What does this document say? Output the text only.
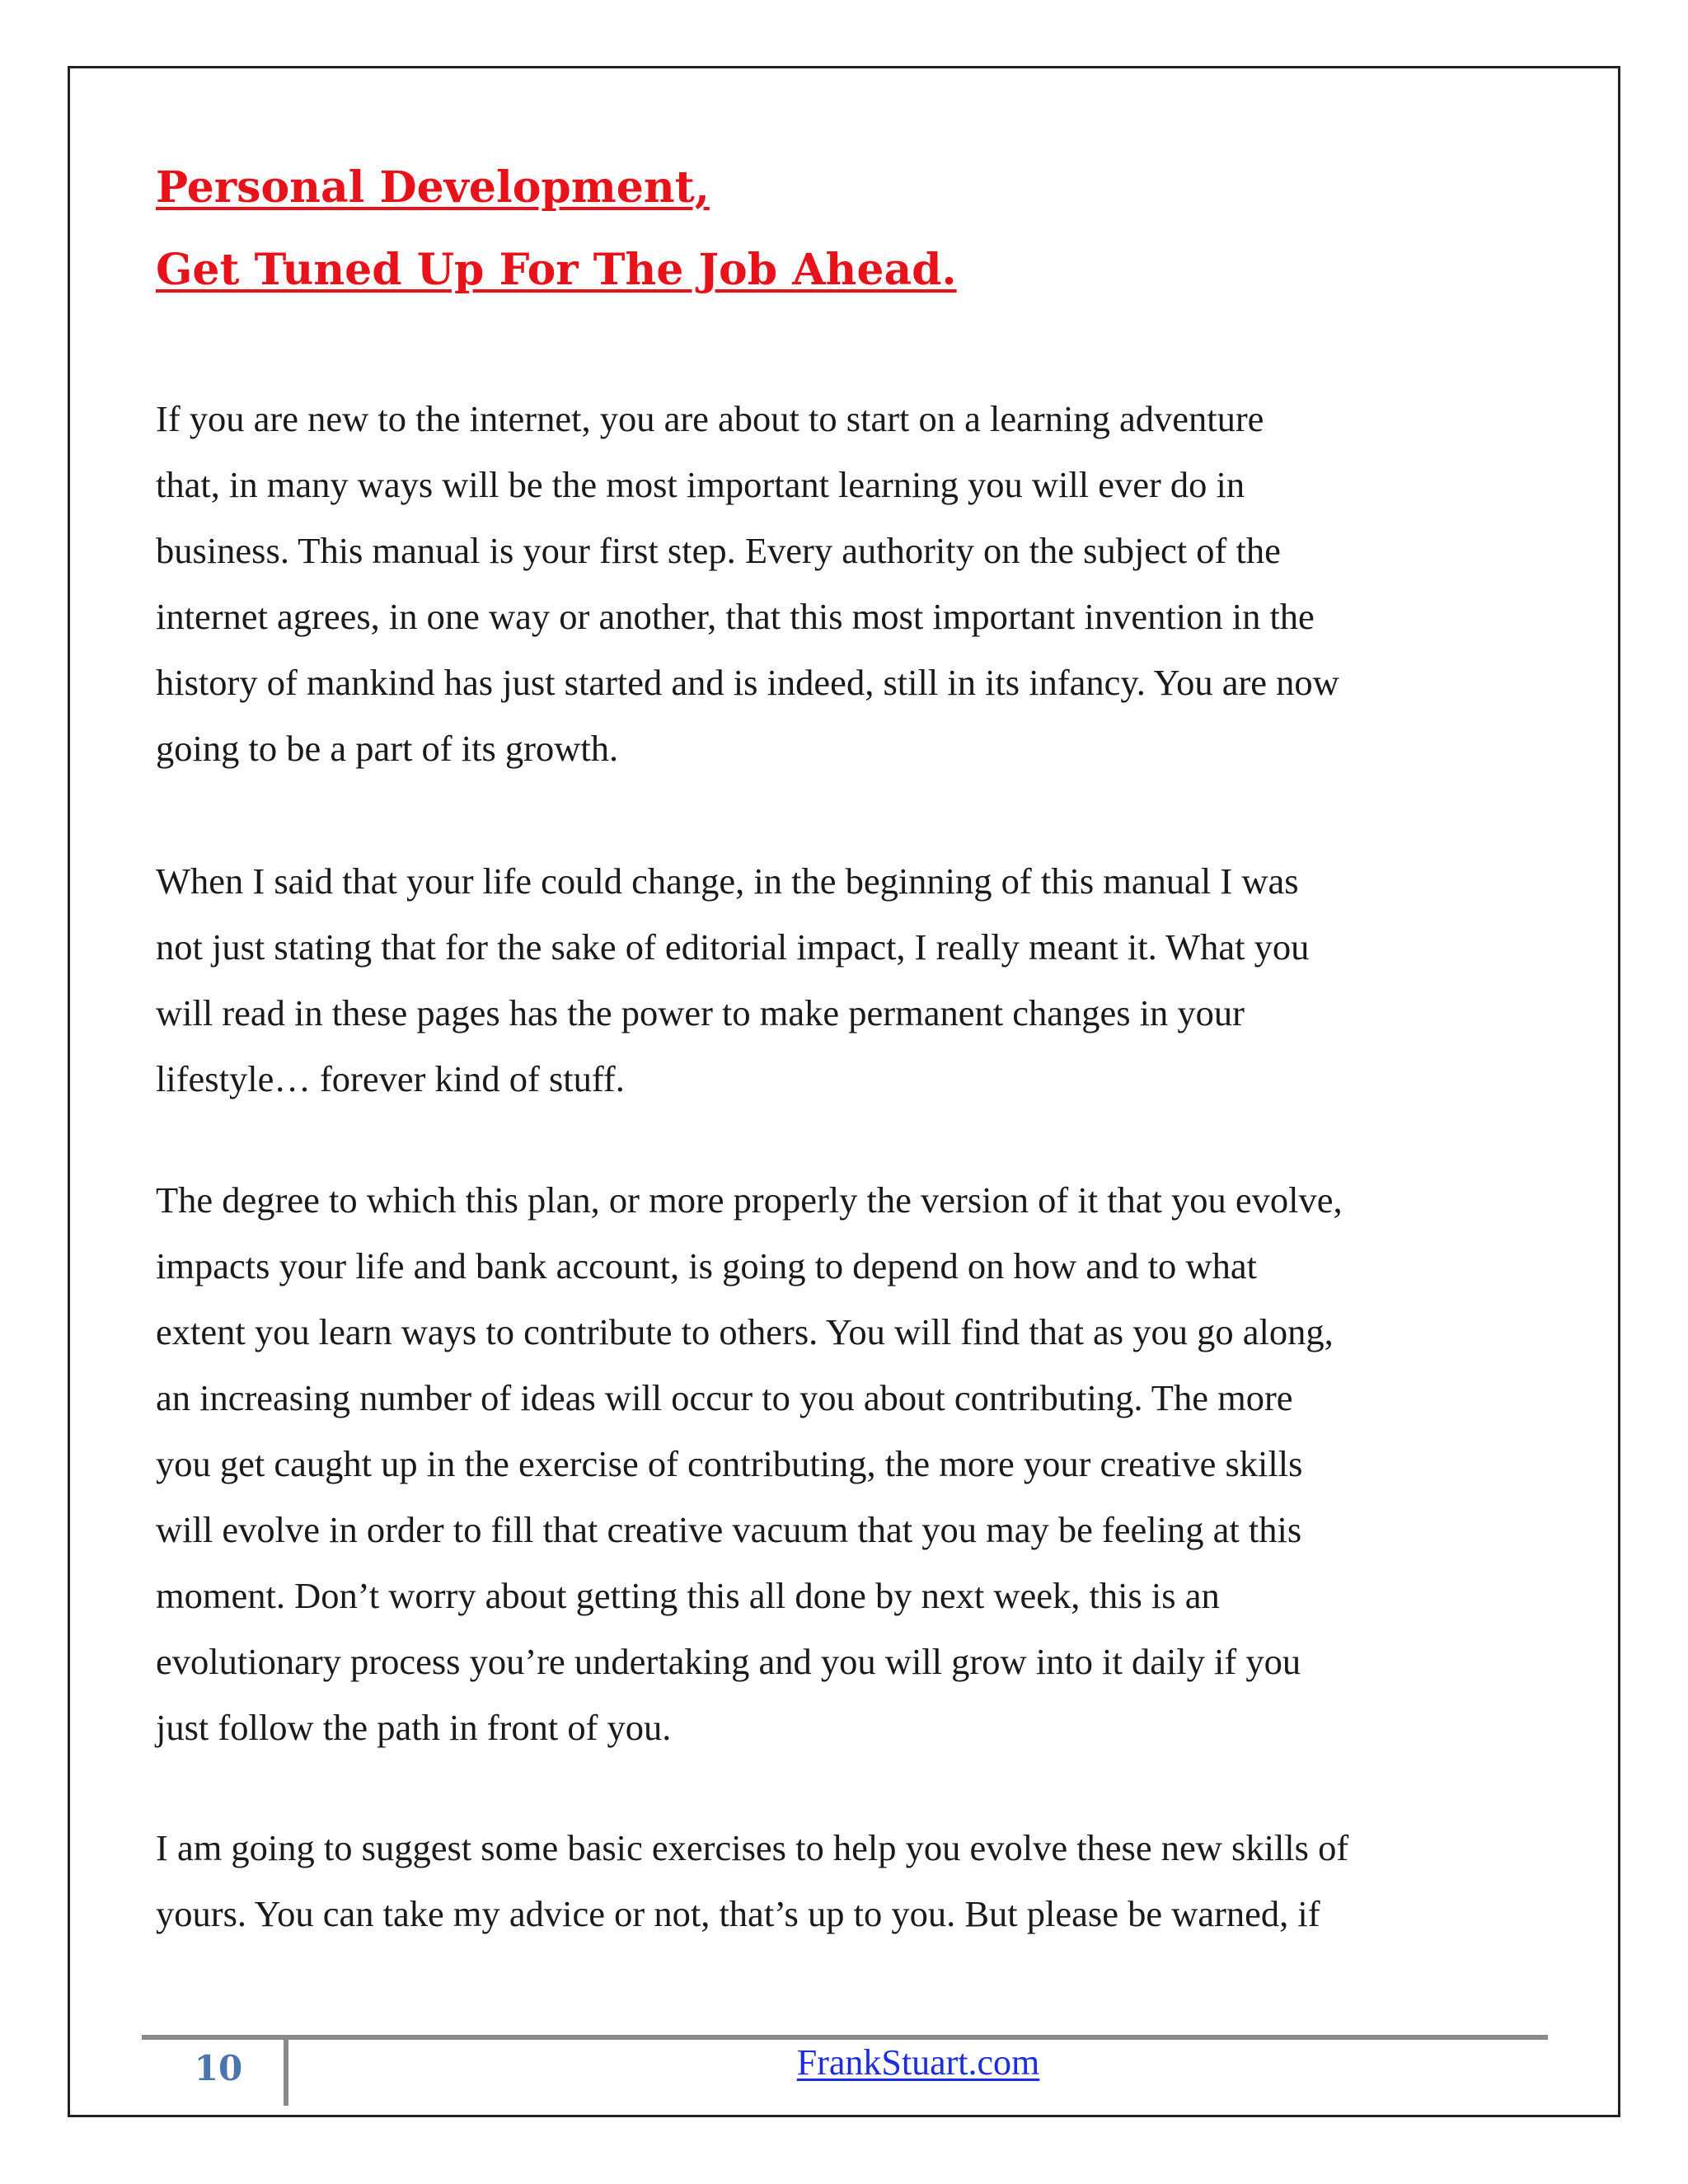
Personal Development,
Get Tuned Up For The Job Ahead.

If you are new to the internet, you are about to start on a learning adventure
that, in many ways will be the most important learning you will ever do in
business. This manual is your first step. Every authority on the subject of the
internet agrees, in one way or another, that this most important invention in the
history of mankind has just started and is indeed, still in its infancy. You are now
going to be a part of its growth.

When I said that your life could change, in the beginning of this manual I was
not just stating that for the sake of editorial impact, I really meant it. What you
will read in these pages has the power to make permanent changes in your
lifestyle… forever kind of stuff.

The degree to which this plan, or more properly the version of it that you evolve,
impacts your life and bank account, is going to depend on how and to what
extent you learn ways to contribute to others. You will find that as you go along,
an increasing number of ideas will occur to you about contributing. The more
you get caught up in the exercise of contributing, the more your creative skills
will evolve in order to fill that creative vacuum that you may be feeling at this
moment. Don’t worry about getting this all done by next week, this is an
evolutionary process you’re undertaking and you will grow into it daily if you
just follow the path in front of you.

I am going to suggest some basic exercises to help you evolve these new skills of
yours. You can take my advice or not, that’s up to you. But please be warned, if

10	FrankStuart.com
